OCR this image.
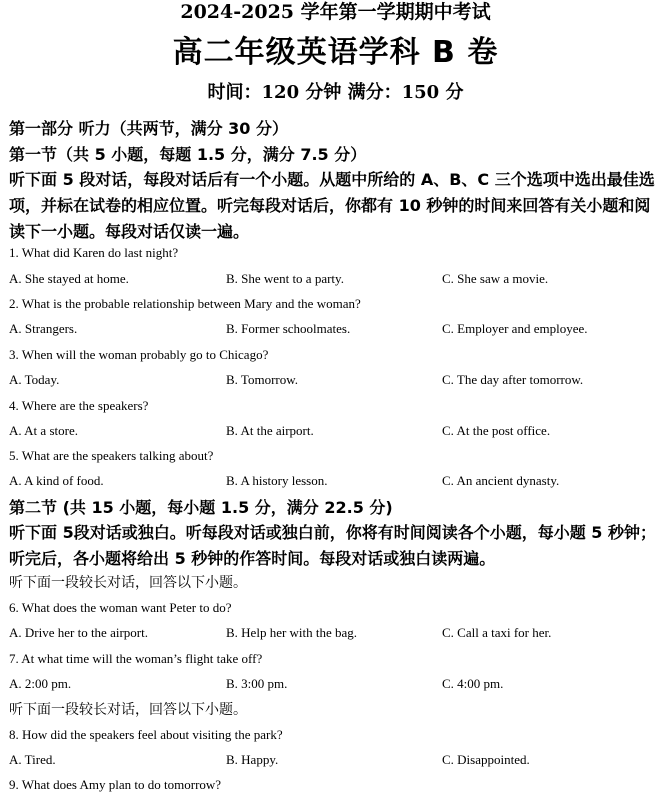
2024-2025 学年第一学期期中考试
高二年级英语学科 B 卷
时间：120 分钟 满分：150 分
第一部分 听力（共两节，满分 30 分）
第一节（共 5 小题，每题 1.5 分，满分 7.5 分）
听下面 5 段对话，每段对话后有一个小题。从题中所给的 A、B、C 三个选项中选出最佳选项，并标在试卷的相应位置。听完每段对话后，你都有 10 秒钟的时间来回答有关小题和阅读下一小题。每段对话仅读一遍。
1. What did Karen do last night?
A. She stayed at home.	B. She went to a party.	C. She saw a movie.
2. What is the probable relationship between Mary and the woman?
A. Strangers.	B. Former schoolmates.	C. Employer and employee.
3. When will the woman probably go to Chicago?
A. Today.	B. Tomorrow.	C. The day after tomorrow.
4. Where are the speakers?
A. At a store.	B. At the airport.	C. At the post office.
5. What are the speakers talking about?
A. A kind of food.	B. A history lesson.	C. An ancient dynasty.
第二节 (共 15 小题，每小题 1.5 分，满分 22.5 分)
听下面 5段对话或独白。听每段对话或独白前，你将有时间阅读各个小题，每小题 5 秒钟；听完后，各小题将给出 5 秒钟的作答时间。每段对话或独白读两遍。
听下面一段较长对话，回答以下小题。
6. What does the woman want Peter to do?
A. Drive her to the airport.	B. Help her with the bag.	C. Call a taxi for her.
7. At what time will the woman’s flight take off?
A. 2:00 pm.	B. 3:00 pm.	C. 4:00 pm.
听下面一段较长对话，回答以下小题。
8. How did the speakers feel about visiting the park?
A. Tired.	B. Happy.	C. Disappointed.
9. What does Amy plan to do tomorrow?
